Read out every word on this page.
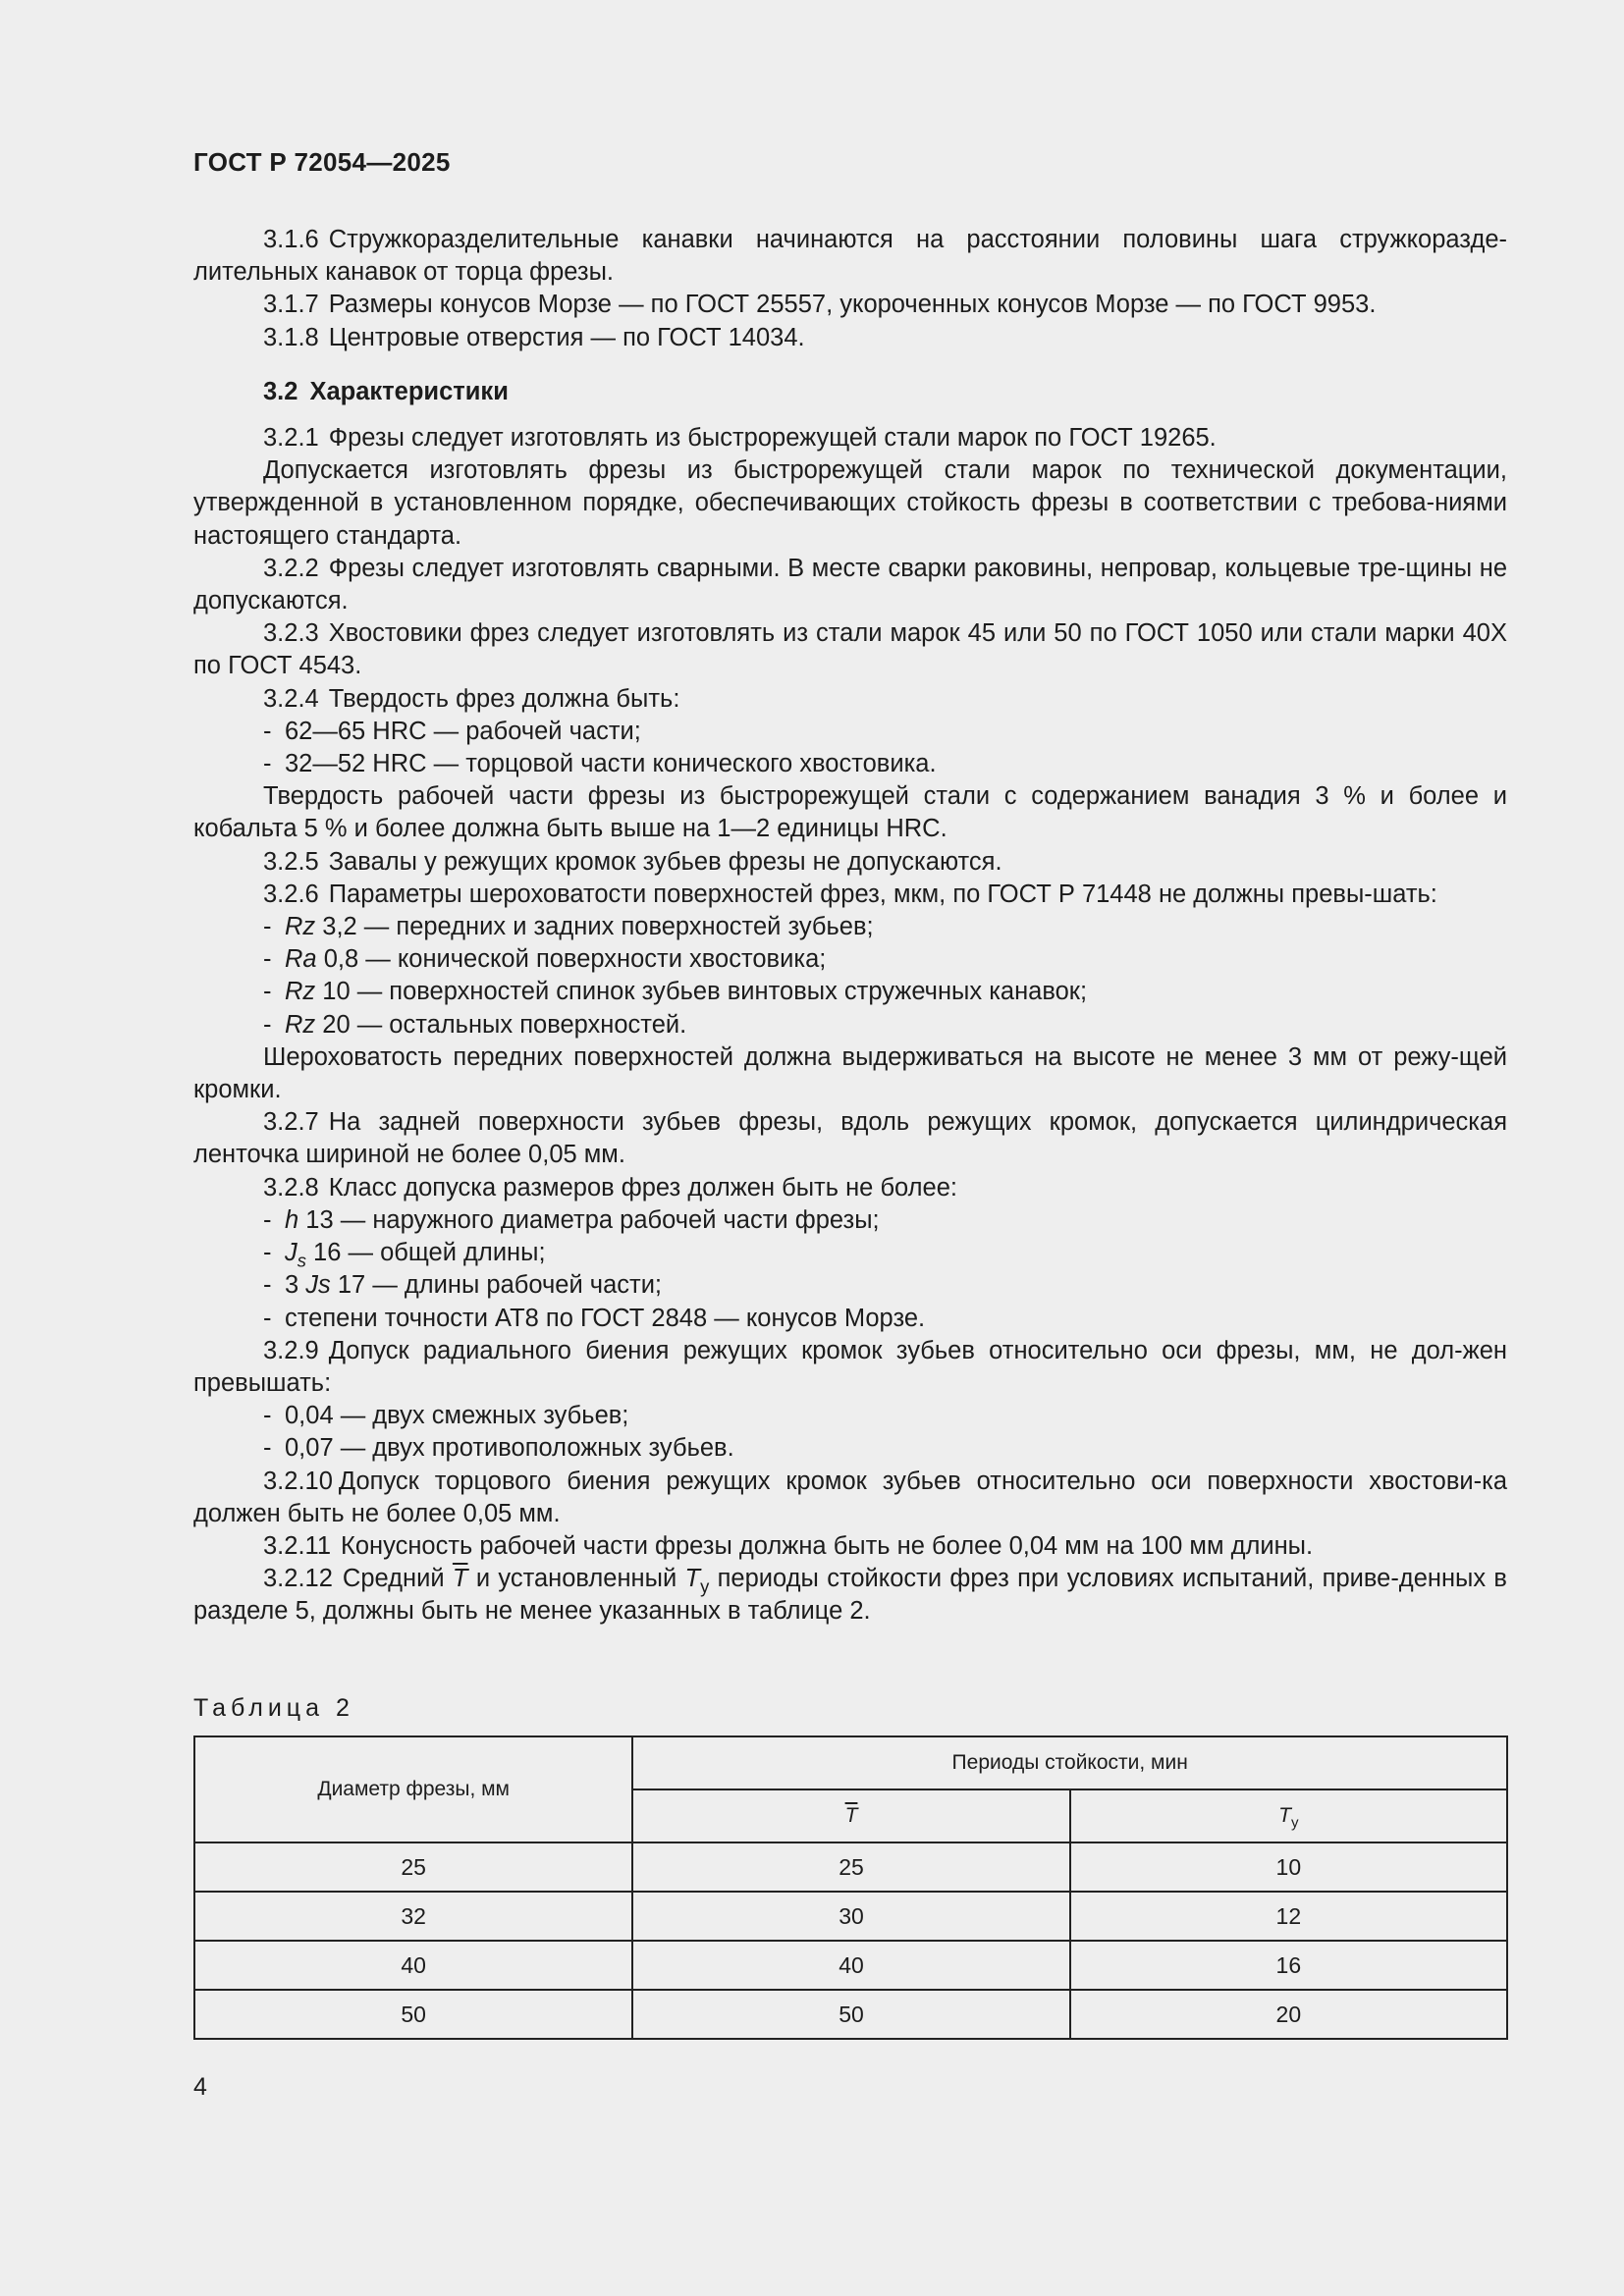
ГОСТ Р 72054—2025

3.1.6 Стружкоразделительные канавки начинаются на расстоянии половины шага стружкоразде-лительных канавок от торца фрезы.

3.1.7 Размеры конусов Морзе — по ГОСТ 25557, укороченных конусов Морзе — по ГОСТ 9953.

3.1.8 Центровые отверстия — по ГОСТ 14034.

3.2 Характеристики

3.2.1 Фрезы следует изготовлять из быстрорежущей стали марок по ГОСТ 19265.

Допускается изготовлять фрезы из быстрорежущей стали марок по технической документации, утвержденной в установленном порядке, обеспечивающих стойкость фрезы в соответствии с требова-ниями настоящего стандарта.

3.2.2 Фрезы следует изготовлять сварными. В месте сварки раковины, непровар, кольцевые тре-щины не допускаются.

3.2.3 Хвостовики фрез следует изготовлять из стали марок 45 или 50 по ГОСТ 1050 или стали марки 40Х по ГОСТ 4543.

3.2.4 Твердость фрез должна быть:

- 62—65 HRC — рабочей части;

- 32—52 HRC — торцовой части конического хвостовика.

Твердость рабочей части фрезы из быстрорежущей стали с содержанием ванадия 3 % и более и кобальта 5 % и более должна быть выше на 1—2 единицы HRC.

3.2.5 Завалы у режущих кромок зубьев фрезы не допускаются.

3.2.6 Параметры шероховатости поверхностей фрез, мкм, по ГОСТ Р 71448 не должны превы-шать:

- Rz 3,2 — передних и задних поверхностей зубьев;

- Ra 0,8 — конической поверхности хвостовика;

- Rz 10 — поверхностей спинок зубьев винтовых стружечных канавок;

- Rz 20 — остальных поверхностей.

Шероховатость передних поверхностей должна выдерживаться на высоте не менее 3 мм от режу-щей кромки.

3.2.7 На задней поверхности зубьев фрезы, вдоль режущих кромок, допускается цилиндрическая ленточка шириной не более 0,05 мм.

3.2.8 Класс допуска размеров фрез должен быть не более:

- h 13 — наружного диаметра рабочей части фрезы;

- $J_s$ 16 — общей длины;

- 3 Js 17 — длины рабочей части;

- степени точности АТ8 по ГОСТ 2848 — конусов Морзе.

3.2.9 Допуск радиального биения режущих кромок зубьев относительно оси фрезы, мм, не дол-жен превышать:

- 0,04 — двух смежных зубьев;

- 0,07 — двух противоположных зубьев.

3.2.10 Допуск торцового биения режущих кромок зубьев относительно оси поверхности хвостови-ка должен быть не более 0,05 мм.

3.2.11 Конусность рабочей части фрезы должна быть не более 0,04 мм на 100 мм длины.

3.2.12 Средний $\overline{T}$ и установленный $T_у$ периоды стойкости фрез при условиях испытаний, приве-денных в разделе 5, должны быть не менее указанных в таблице 2.

Таблица 2
Диаметр фрезы, мм	Периоды стойкости, мин	
	$\overline{T}$	$T_у$
25	25	10
32	30	12
40	40	16
50	50	20
4
